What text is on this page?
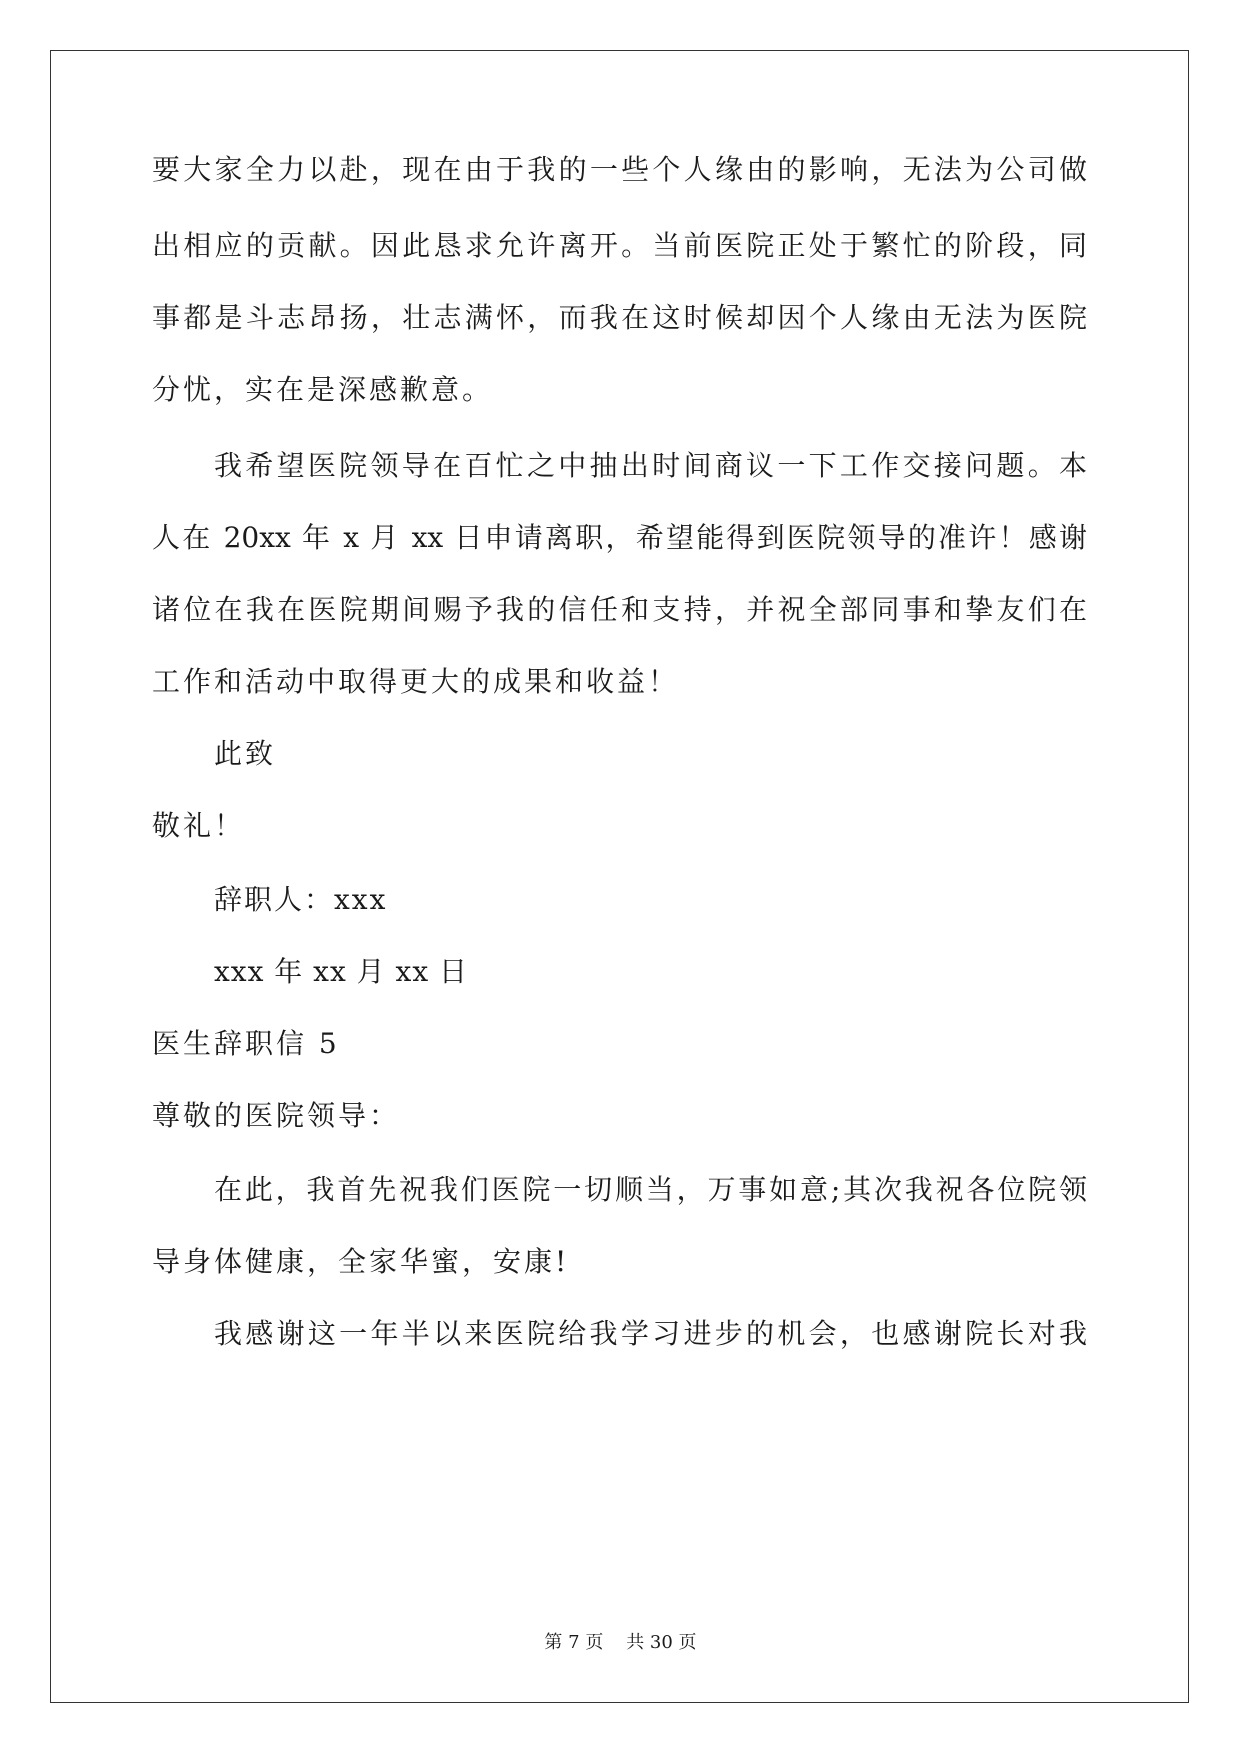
要大家全力以赴，现在由于我的一些个人缘由的影响，无法为公司做
出相应的贡献。因此恳求允许离开。当前医院正处于繁忙的阶段，同
事都是斗志昂扬，壮志满怀，而我在这时候却因个人缘由无法为医院
分忧，实在是深感歉意。
我希望医院领导在百忙之中抽出时间商议一下工作交接问题。本
人在 20xx 年 x 月 xx 日申请离职，希望能得到医院领导的准许！感谢
诸位在我在医院期间赐予我的信任和支持，并祝全部同事和挚友们在
工作和活动中取得更大的成果和收益！
此致
敬礼！
辞职人：xxx
xxx 年 xx 月 xx 日
医生辞职信 5
尊敬的医院领导：
在此，我首先祝我们医院一切顺当，万事如意;其次我祝各位院领
导身体健康，全家华蜜，安康!
我感谢这一年半以来医院给我学习进步的机会，也感谢院长对我
第 7 页    共 30 页
